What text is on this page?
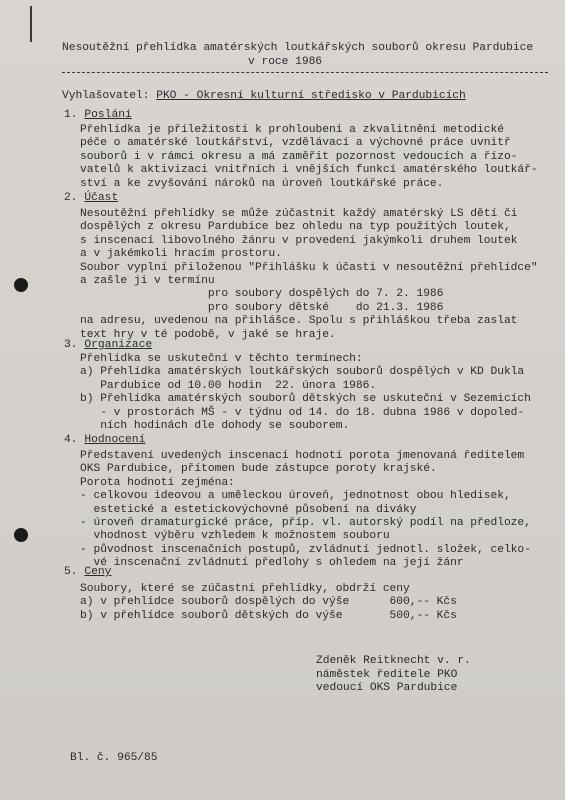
Nesoutěžní přehlídka amatérských loutkářských souborů okresu Pardubice
v roce 1986
Vyhlašovatel: PKO - Okresní kulturní středisko v Pardubicích
1. Poslání
Přehlídka je příležitostí k prohloubení a zkvalitnění metodické
péče o amatérské loutkářství, vzdělávací a výchovné práce uvnitř
souborů i v rámci okresu a má zaměřit pozornost vedoucích a řízo-
vatelů k aktivizaci vnitřních i vnějších funkcí amatérského loutkář-
ství a ke zvyšování nároků na úroveň loutkářské práce.
2. Účast
Nesoutěžní přehlídky se může zúčastnit každý amatérský LS dětí či
dospělých z okresu Pardubice bez ohledu na typ použitých loutek,
s inscenací libovolného žánru v provedení jakýmkoli druhem loutek
a v jakémkoli hracím prostoru.
Soubor vyplní přiloženou "Přihlášku k účasti v nesoutěžní přehlídce"
a zašle ji v termínu
pro soubory dospělých do 7. 2. 1986
pro soubory dětské    do 21.3. 1986
na adresu, uvedenou na přihlášce. Spolu s přihláškou třeba zaslat
text hry v té podobě, v jaké se hraje.
3. Organizace
Přehlídka se uskuteční v těchto termínech:
a) Přehlídka amatérských loutkářských souborů dospělých v KD Dukla
Pardubice od 10.00 hodin  22. února 1986.
b) Přehlídka amatérských souborů dětských se uskuteční v Sezemicích
- v prostorách MŠ - v týdnu od 14. do 18. dubna 1986 v dopoled-
ních hodinách dle dohody se souborem.
4. Hodnocení
Představení uvedených inscenací hodnotí porota jmenovaná ředitelem
OKS Pardubice, přítomen bude zástupce poroty krajské.
Porota hodnotí zejména:
- celkovou ideovou a uměleckou úroveň, jednotnost obou hledisek,
estetické a estetickovýchovné působení na diváky
- úroveň dramaturgické práce, příp. vl. autorský podíl na předloze,
vhodnost výběru vzhledem k možnostem souboru
- původnost inscenačních postupů, zvládnutí jednotl. složek, celko-
vé inscenační zvládnutí předlohy s ohledem na její žánr
5. Ceny
Soubory, které se zúčastní přehlídky, obdrží ceny
a) v přehlídce souborů dospělých do výše      600,-- Kčs
b) v přehlídce souborů dětských do výše       500,-- Kčs
Zdeněk Reitknecht v. r.
náměstek ředitele PKO
vedoucí OKS Pardubice
Bl. č. 965/85
